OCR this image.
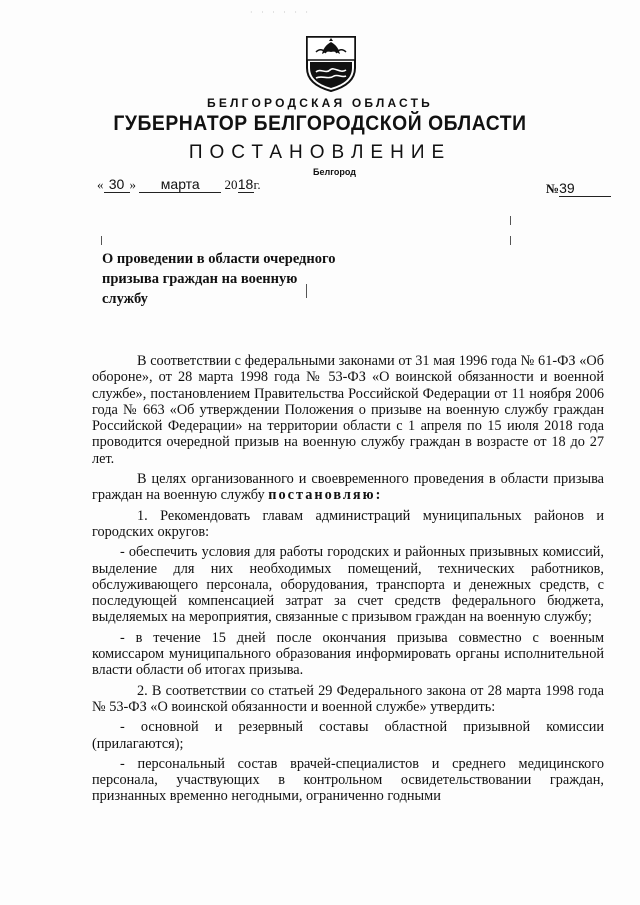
· · · · · ·
БЕЛГОРОДСКАЯ ОБЛАСТЬ
ГУБЕРНАТОР БЕЛГОРОДСКОЙ ОБЛАСТИ
ПОСТАНОВЛЕНИЕ
Белгород
« 30 » марта 2018г.	№39
О проведении в области очередного призыва граждан на военную службу

В соответствии с федеральными законами от 31 мая 1996 года № 61-ФЗ «Об обороне», от 28 марта 1998 года № 53-ФЗ «О воинской обязанности и военной службе», постановлением Правительства Российской Федерации от 11 ноября 2006 года № 663 «Об утверждении Положения о призыве на военную службу граждан Российской Федерации» на территории области с 1 апреля по 15 июля 2018 года проводится очередной призыв на военную службу граждан в возрасте от 18 до 27 лет.

В целях организованного и своевременного проведения в области призыва граждан на военную службу постановляю:

1. Рекомендовать главам администраций муниципальных районов и городских округов:

- обеспечить условия для работы городских и районных призывных комиссий, выделение для них необходимых помещений, технических работников, обслуживающего персонала, оборудования, транспорта и денежных средств, с последующей компенсацией затрат за счет средств федерального бюджета, выделяемых на мероприятия, связанные с призывом граждан на военную службу;

- в течение 15 дней после окончания призыва совместно с военным комиссаром муниципального образования информировать органы исполнительной власти области об итогах призыва.

2. В соответствии со статьей 29 Федерального закона от 28 марта 1998 года № 53-ФЗ «О воинской обязанности и военной службе» утвердить:

- основной и резервный составы областной призывной комиссии (прилагаются);

- персональный состав врачей-специалистов и среднего медицинского персонала, участвующих в контрольном освидетельствовании граждан, признанных временно негодными, ограниченно годными
